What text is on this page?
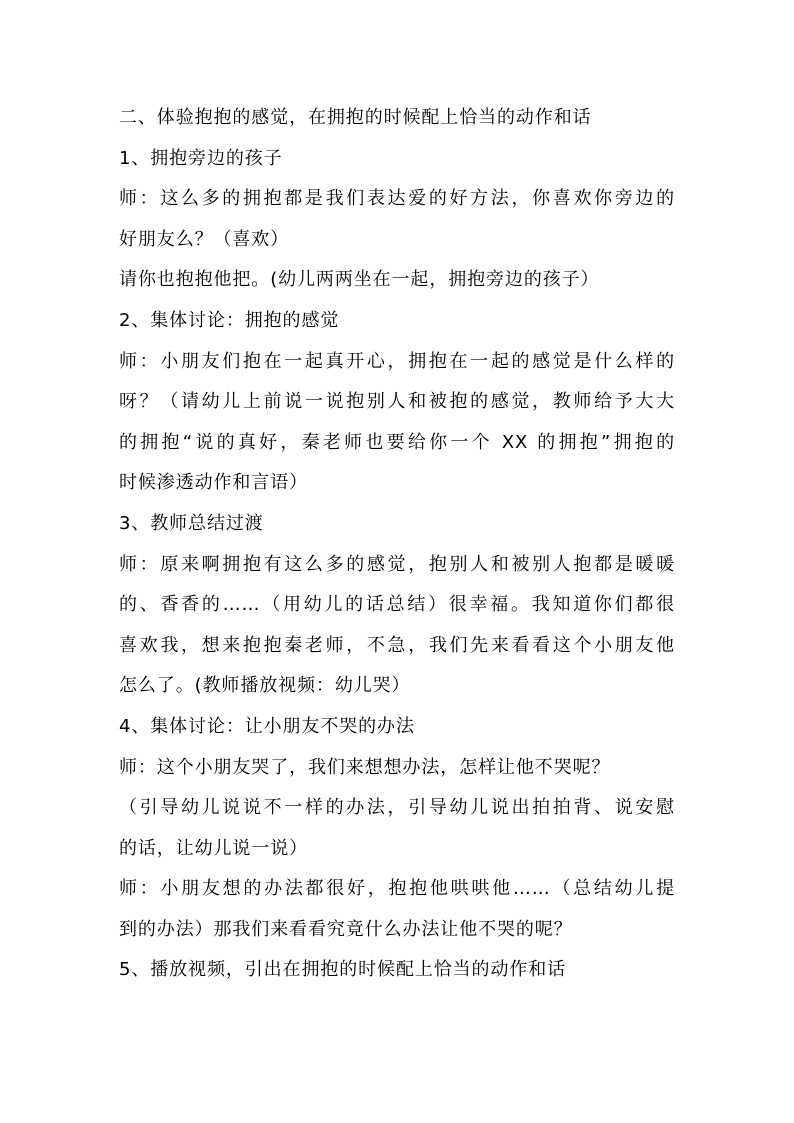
二、体验抱抱的感觉，在拥抱的时候配上恰当的动作和话
1、拥抱旁边的孩子
师：这么多的拥抱都是我们表达爱的好方法，你喜欢你旁边的
好朋友么？（喜欢）
请你也抱抱他把。(幼儿两两坐在一起，拥抱旁边的孩子）
2、集体讨论：拥抱的感觉
师：小朋友们抱在一起真开心，拥抱在一起的感觉是什么样的
呀？（请幼儿上前说一说抱别人和被抱的感觉，教师给予大大
的拥抱“说的真好，秦老师也要给你一个 XX 的拥抱”拥抱的
时候渗透动作和言语）
3、教师总结过渡
师：原来啊拥抱有这么多的感觉，抱别人和被别人抱都是暖暖
的、香香的……（用幼儿的话总结）很幸福。我知道你们都很
喜欢我，想来抱抱秦老师，不急，我们先来看看这个小朋友他
怎么了。(教师播放视频：幼儿哭）
4、集体讨论：让小朋友不哭的办法
师：这个小朋友哭了，我们来想想办法，怎样让他不哭呢？
（引导幼儿说说不一样的办法，引导幼儿说出拍拍背、说安慰
的话，让幼儿说一说）
师：小朋友想的办法都很好，抱抱他哄哄他……（总结幼儿提
到的办法）那我们来看看究竟什么办法让他不哭的呢？
5、播放视频，引出在拥抱的时候配上恰当的动作和话
